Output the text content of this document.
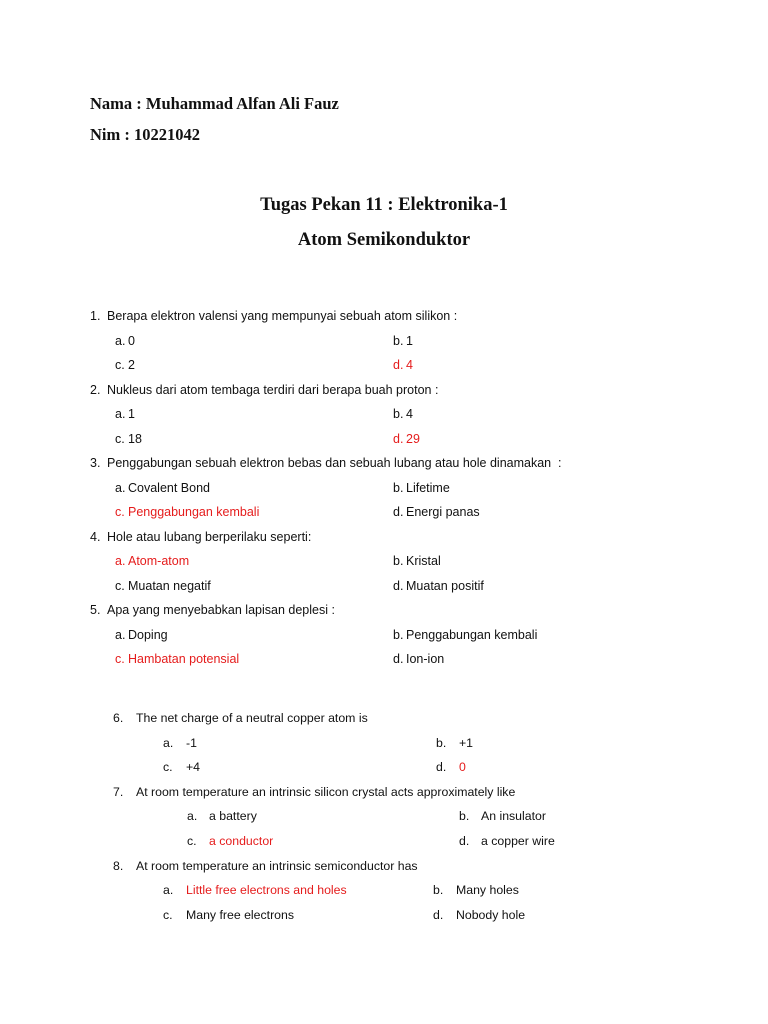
Nama : Muhammad Alfan Ali Fauz
Nim : 10221042
Tugas Pekan 11 : Elektronika-1
Atom Semikonduktor
1. Berapa elektron valensi yang mempunyai sebuah atom silikon :
a. 0	b. 1
c. 2	d. 4
2. Nukleus dari atom tembaga terdiri dari berapa buah proton :
a. 1	b. 4
c. 18	d. 29
3. Penggabungan sebuah elektron bebas dan sebuah lubang atau hole dinamakan  :
a. Covalent Bond	b. Lifetime
c. Penggabungan kembali	d. Energi panas
4. Hole atau lubang berperilaku seperti:
a. Atom-atom	b. Kristal
c. Muatan negatif	d. Muatan positif
5. Apa yang menyebabkan lapisan deplesi :
a. Doping	b. Penggabungan kembali
c. Hambatan potensial	d. Ion-ion
6. The net charge of a neutral copper atom is
a. -1	b. +1
c. +4	d. 0
7. At room temperature an intrinsic silicon crystal acts approximately like
a. a battery	b. An insulator
c. a conductor	d. a copper wire
8. At room temperature an intrinsic semiconductor has
a. Little free electrons and holes	b. Many holes
c. Many free electrons	d. Nobody hole
